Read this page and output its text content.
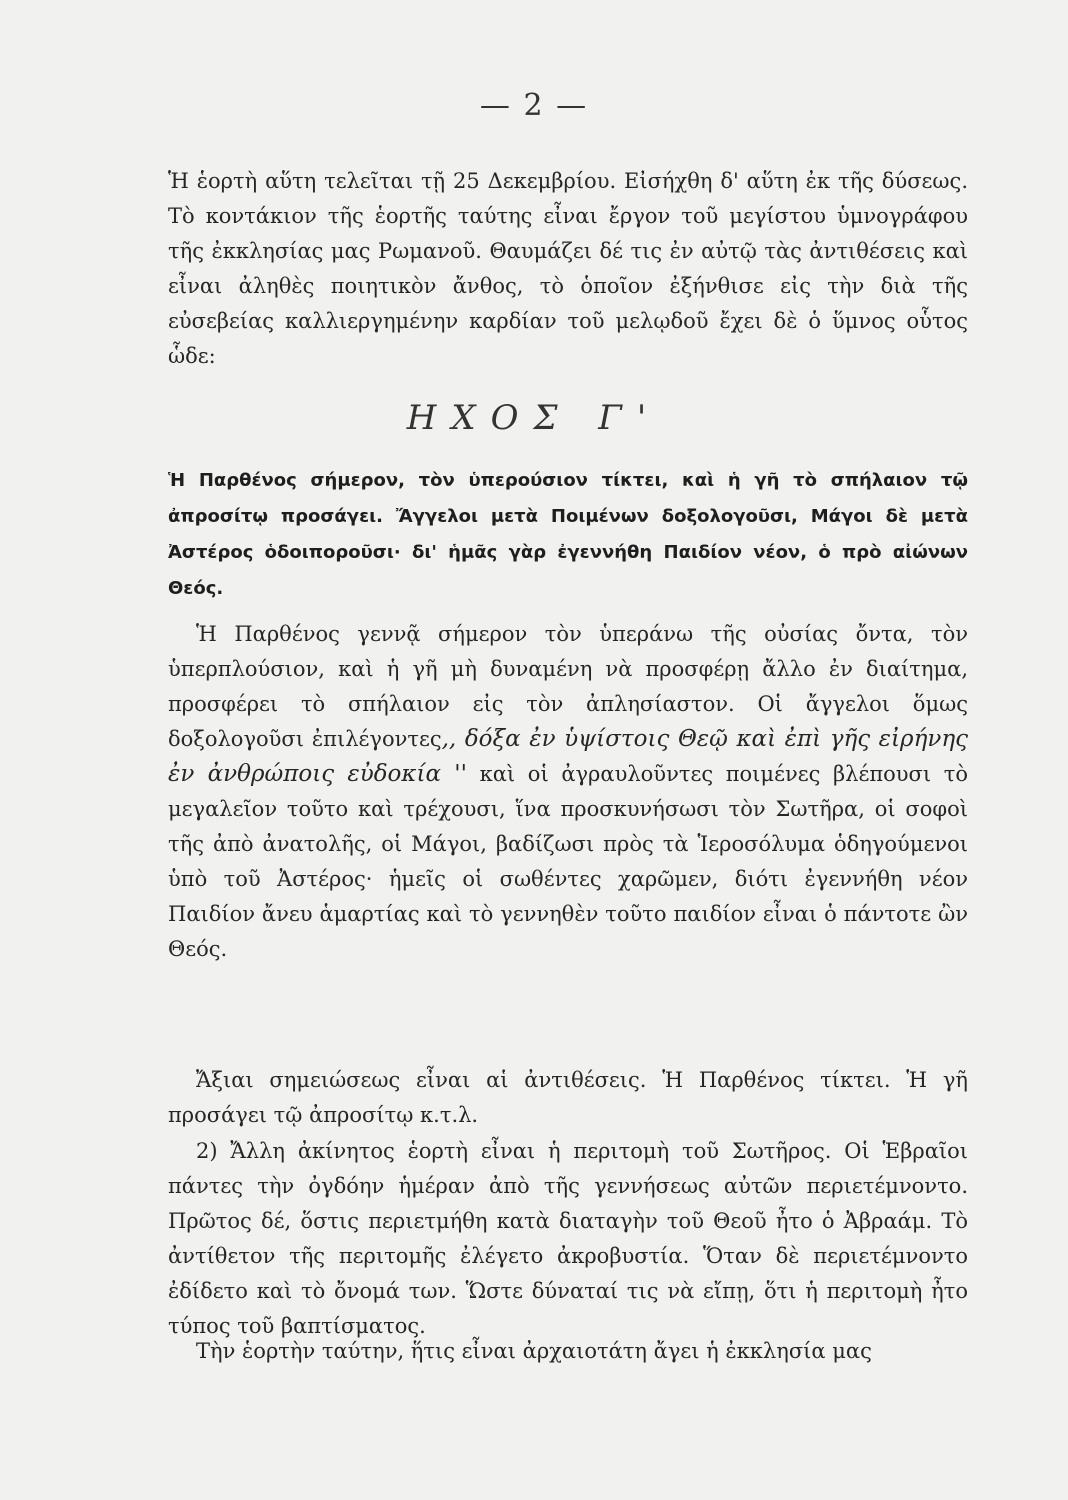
— 2 —

Ἡ ἑορτὴ αὕτη τελεῖται τῇ 25 Δεκεμβρίου. Εἰσήχθη δ' αὕτη ἐκ τῆς δύσεως. Τὸ κοντάκιον τῆς ἑορτῆς ταύτης εἶναι ἔργον τοῦ μεγίστου ὑμνογράφου τῆς ἐκκλησίας μας Ρωμανοῦ. Θαυμάζει δέ τις ἐν αὐτῷ τὰς ἀντιθέσεις καὶ εἶναι ἀληθὲς ποιητικὸν ἄνθος, τὸ ὁποῖον ἐξήνθισε εἰς τὴν διὰ τῆς εὐσεβείας καλλιεργημένην καρδίαν τοῦ μελῳδοῦ ἔχει δὲ ὁ ὕμνος οὗτος ὧδε:

ΗΧΟΣ Γ'

Ἡ Παρθένος σήμερον, τὸν ὑπερούσιον τίκτει, καὶ ἡ γῆ τὸ σπήλαιον τῷ ἀπροσίτῳ προσάγει. Ἄγγελοι μετὰ Ποιμένων δοξολογοῦσι, Μάγοι δὲ μετὰ Ἀστέρος ὁδοιποροῦσι· δι' ἡμᾶς γὰρ ἐγεννήθη Παιδίον νέον, ὁ πρὸ αἰώνων Θεός.

Ἡ Παρθένος γεννᾷ σήμερον τὸν ὑπεράνω τῆς οὐσίας ὄντα, τὸν ὑπερπλούσιον, καὶ ἡ γῆ μὴ δυναμένη νὰ προσφέρῃ ἄλλο ἐν διαίτημα, προσφέρει τὸ σπήλαιον εἰς τὸν ἀπλησίαστον. Οἱ ἄγγελοι ὅμως δοξολογοῦσι ἐπιλέγοντες,, δόξα ἐν ὑψίστοις Θεῷ καὶ ἐπὶ γῆς εἰρήνης ἐν ἀνθρώποις εὐδοκία '' καὶ οἱ ἀγραυλοῦντες ποιμένες βλέπουσι τὸ μεγαλεῖον τοῦτο καὶ τρέχουσι, ἵνα προσκυνήσωσι τὸν Σωτῆρα, οἱ σοφοὶ τῆς ἀπὸ ἀνατολῆς, οἱ Μάγοι, βαδίζωσι πρὸς τὰ Ἱεροσόλυμα ὁδηγούμενοι ὑπὸ τοῦ Ἀστέρος· ἡμεῖς οἱ σωθέντες χαρῶμεν, διότι ἐγεννήθη νέον Παιδίον ἄνευ ἁμαρτίας καὶ τὸ γεννηθὲν τοῦτο παιδίον εἶναι ὁ πάντοτε ὢν Θεός.

Ἄξιαι σημειώσεως εἶναι αἱ ἀντιθέσεις. Ἡ Παρθένος τίκτει. Ἡ γῆ προσάγει τῷ ἀπροσίτῳ κ.τ.λ.

2) Ἄλλη ἀκίνητος ἑορτὴ εἶναι ἡ περιτομὴ τοῦ Σωτῆρος. Οἱ Ἑβραῖοι πάντες τὴν ὀγδόην ἡμέραν ἀπὸ τῆς γεννήσεως αὐτῶν περιετέμνοντο. Πρῶτος δέ, ὅστις περιετμήθη κατὰ διαταγὴν τοῦ Θεοῦ ἦτο ὁ Ἀβραάμ. Τὸ ἀντίθετον τῆς περιτομῆς ἐλέγετο ἀκροβυστία. Ὅταν δὲ περιετέμνοντο ἐδίδετο καὶ τὸ ὄνομά των. Ὥστε δύναταί τις νὰ εἴπῃ, ὅτι ἡ περιτομὴ ἦτο τύπος τοῦ βαπτίσματος.

Τὴν ἑορτὴν ταύτην, ἥτις εἶναι ἀρχαιοτάτη ἄγει ἡ ἐκκλησία μας
